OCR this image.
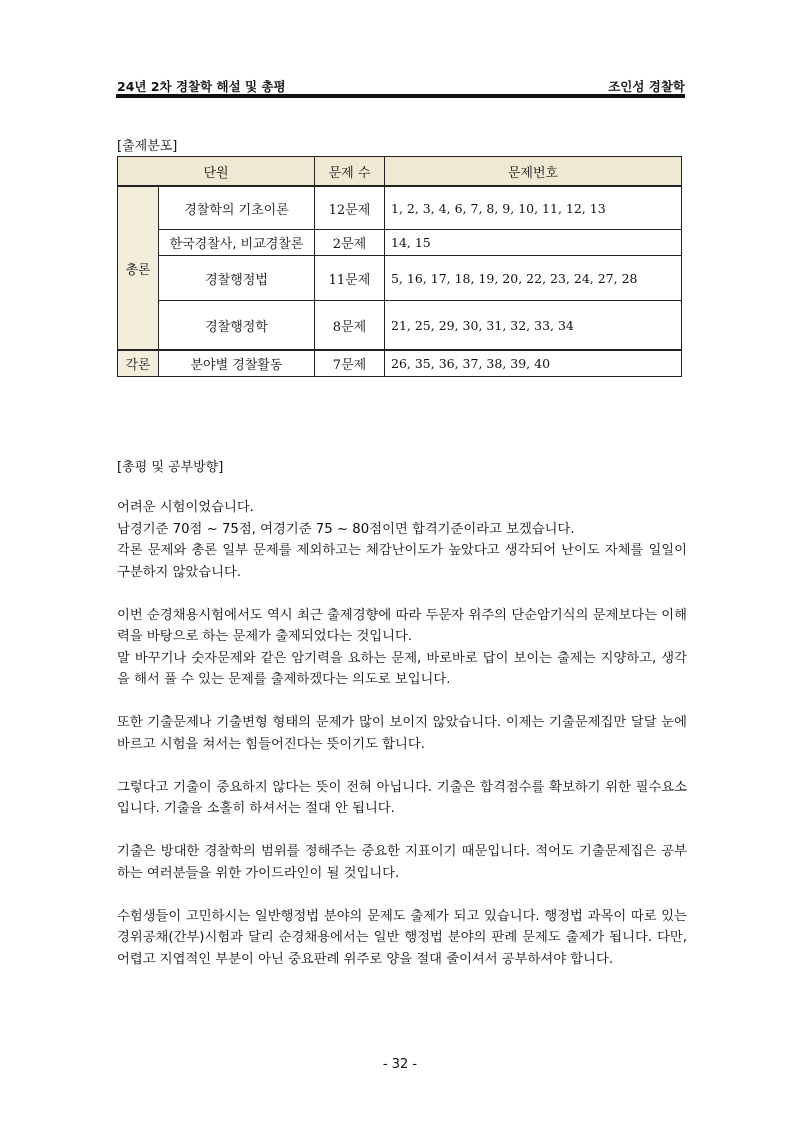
24년 2차 경찰학 해설 및 총평	조인성 경찰학
[출제분포]
단원		문제 수	문제번호
총론	경찰학의 기초이론	12문제	1, 2, 3, 4, 6, 7, 8, 9, 10, 11, 12, 13
	한국경찰사, 비교경찰론	2문제	14, 15
	경찰행정법	11문제	5, 16, 17, 18, 19, 20, 22, 23, 24, 27, 28
	경찰행정학	8문제	21, 25, 29, 30, 31, 32, 33, 34
각론	분야별 경찰활동	7문제	26, 35, 36, 37, 38, 39, 40
[총평 및 공부방향]

어려운 시험이었습니다.

남경기준 70점 ~ 75점, 여경기준 75 ~ 80점이면 합격기준이라고 보겠습니다.

각론 문제와 총론 일부 문제를 제외하고는 체감난이도가 높았다고 생각되어 난이도 자체를 일일이 구분하지 않았습니다.

이번 순경채용시험에서도 역시 최근 출제경향에 따라 두문자 위주의 단순암기식의 문제보다는 이해력을 바탕으로 하는 문제가 출제되었다는 것입니다.

말 바꾸기나 숫자문제와 같은 암기력을 요하는 문제, 바로바로 답이 보이는 출제는 지양하고, 생각을 해서 풀 수 있는 문제를 출제하겠다는 의도로 보입니다.

또한 기출문제나 기출변형 형태의 문제가 많이 보이지 않았습니다. 이제는 기출문제집만 달달 눈에 바르고 시험을 쳐서는 힘들어진다는 뜻이기도 합니다.

그렇다고 기출이 중요하지 않다는 뜻이 전혀 아닙니다. 기출은 합격점수를 확보하기 위한 필수요소입니다. 기출을 소홀히 하셔서는 절대 안 됩니다.

기출은 방대한 경찰학의 범위를 정해주는 중요한 지표이기 때문입니다. 적어도 기출문제집은 공부하는 여러분들을 위한 가이드라인이 될 것입니다.

수험생들이 고민하시는 일반행정법 분야의 문제도 출제가 되고 있습니다. 행정법 과목이 따로 있는 경위공채(간부)시험과 달리 순경채용에서는 일반 행정법 분야의 판례 문제도 출제가 됩니다. 다만, 어렵고 지엽적인 부분이 아닌 중요판례 위주로 양을 절대 줄이셔서 공부하셔야 합니다.

- 32 -
